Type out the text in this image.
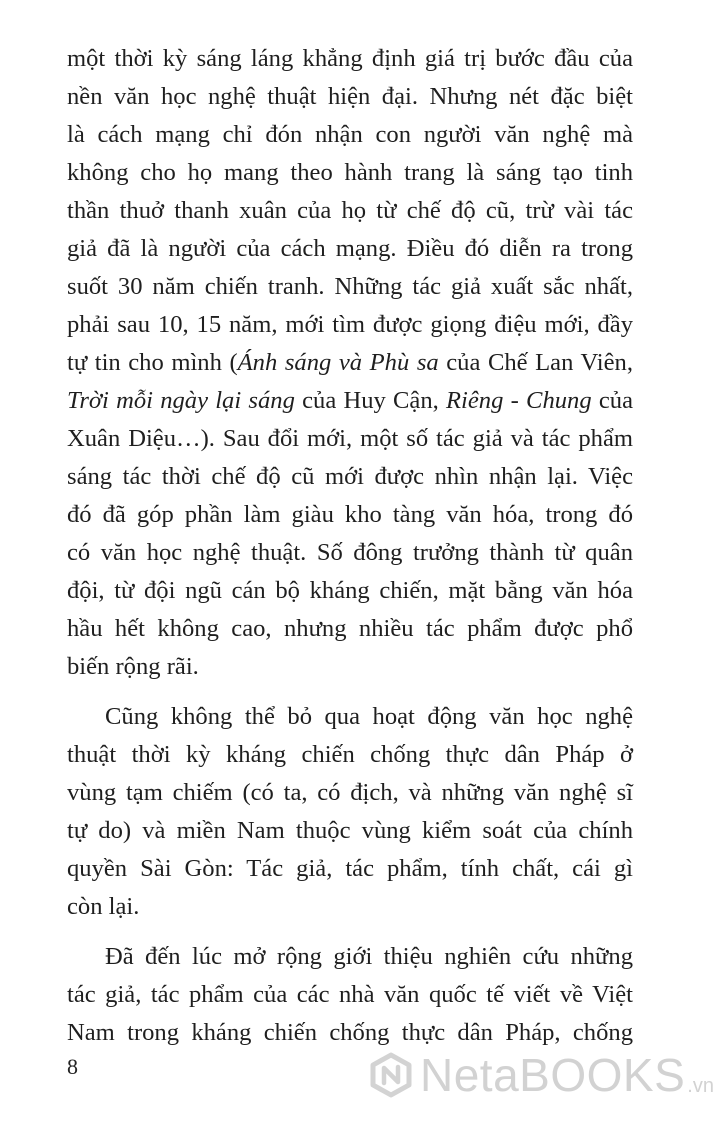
một thời kỳ sáng láng khẳng định giá trị bước đầu của
nền văn học nghệ thuật hiện đại. Nhưng nét đặc biệt
là cách mạng chỉ đón nhận con người văn nghệ mà
không cho họ mang theo hành trang là sáng tạo tinh
thần thuở thanh xuân của họ từ chế độ cũ, trừ vài tác
giả đã là người của cách mạng. Điều đó diễn ra trong
suốt 30 năm chiến tranh. Những tác giả xuất sắc nhất,
phải sau 10, 15 năm, mới tìm được giọng điệu mới, đầy
tự tin cho mình (Ánh sáng và Phù sa của Chế Lan Viên,
Trời mỗi ngày lại sáng của Huy Cận, Riêng - Chung của
Xuân Diệu…). Sau đổi mới, một số tác giả và tác phẩm
sáng tác thời chế độ cũ mới được nhìn nhận lại. Việc
đó đã góp phần làm giàu kho tàng văn hóa, trong đó
có văn học nghệ thuật. Số đông trưởng thành từ quân
đội, từ đội ngũ cán bộ kháng chiến, mặt bằng văn hóa
hầu hết không cao, nhưng nhiều tác phẩm được phổ
biến rộng rãi.
Cũng không thể bỏ qua hoạt động văn học nghệ
thuật thời kỳ kháng chiến chống thực dân Pháp ở
vùng tạm chiếm (có ta, có địch, và những văn nghệ sĩ
tự do) và miền Nam thuộc vùng kiểm soát của chính
quyền Sài Gòn: Tác giả, tác phẩm, tính chất, cái gì
còn lại.
Đã đến lúc mở rộng giới thiệu nghiên cứu những
tác giả, tác phẩm của các nhà văn quốc tế viết về Việt
Nam trong kháng chiến chống thực dân Pháp, chống
8	NetaBOOKS .vn
